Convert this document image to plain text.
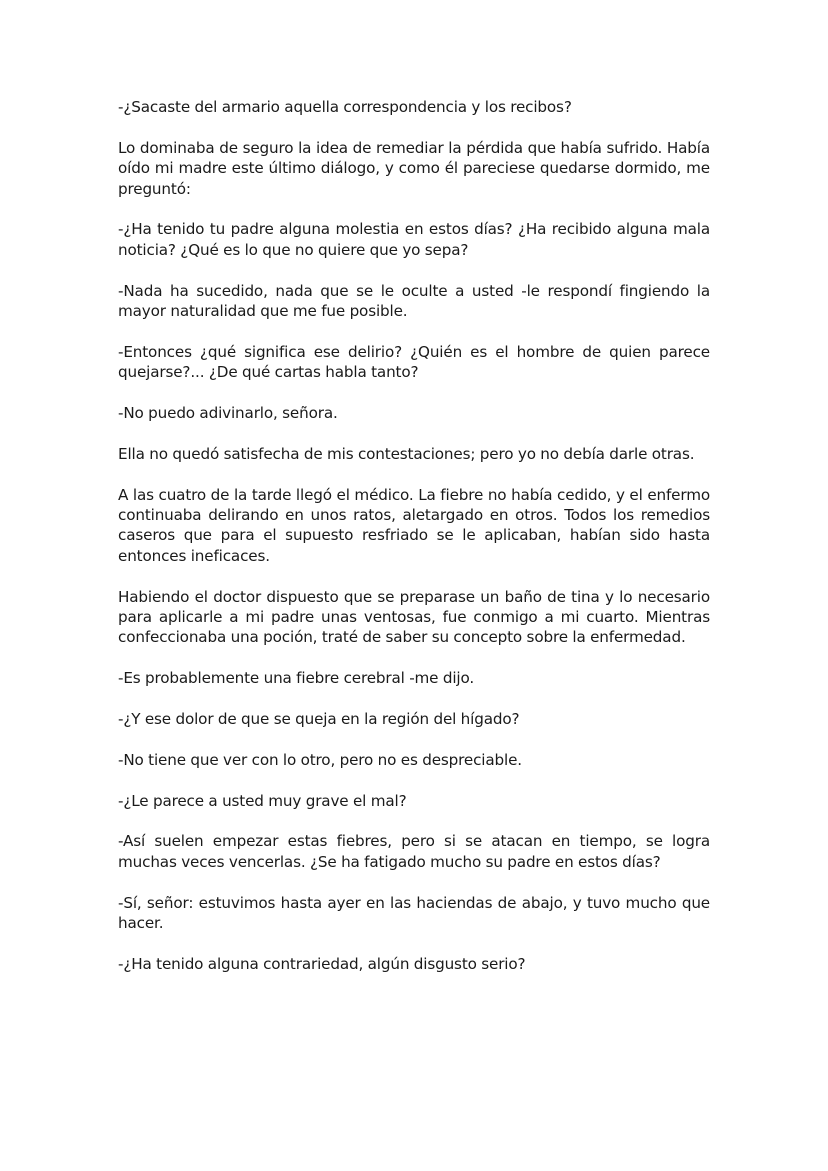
-¿Sacaste del armario aquella correspondencia y los recibos?

Lo dominaba de seguro la idea de remediar la pérdida que había sufrido. Había oído mi madre este último diálogo, y como él pareciese quedarse dormido, me preguntó:

-¿Ha tenido tu padre alguna molestia en estos días? ¿Ha recibido alguna mala noticia? ¿Qué es lo que no quiere que yo sepa?

-Nada ha sucedido, nada que se le oculte a usted -le respondí fingiendo la mayor naturalidad que me fue posible.

-Entonces ¿qué significa ese delirio? ¿Quién es el hombre de quien parece quejarse?... ¿De qué cartas habla tanto?

-No puedo adivinarlo, señora.

Ella no quedó satisfecha de mis contestaciones; pero yo no debía darle otras.

A las cuatro de la tarde llegó el médico. La fiebre no había cedido, y el enfermo continuaba delirando en unos ratos, aletargado en otros. Todos los remedios caseros que para el supuesto resfriado se le aplicaban, habían sido hasta entonces ineficaces.

Habiendo el doctor dispuesto que se preparase un baño de tina y lo necesario para aplicarle a mi padre unas ventosas, fue conmigo a mi cuarto. Mientras confeccionaba una poción, traté de saber su concepto sobre la enfermedad.

-Es probablemente una fiebre cerebral -me dijo.

-¿Y ese dolor de que se queja en la región del hígado?

-No tiene que ver con lo otro, pero no es despreciable.

-¿Le parece a usted muy grave el mal?

-Así suelen empezar estas fiebres, pero si se atacan en tiempo, se logra muchas veces vencerlas. ¿Se ha fatigado mucho su padre en estos días?

-Sí, señor: estuvimos hasta ayer en las haciendas de abajo, y tuvo mucho que hacer.

-¿Ha tenido alguna contrariedad, algún disgusto serio?
